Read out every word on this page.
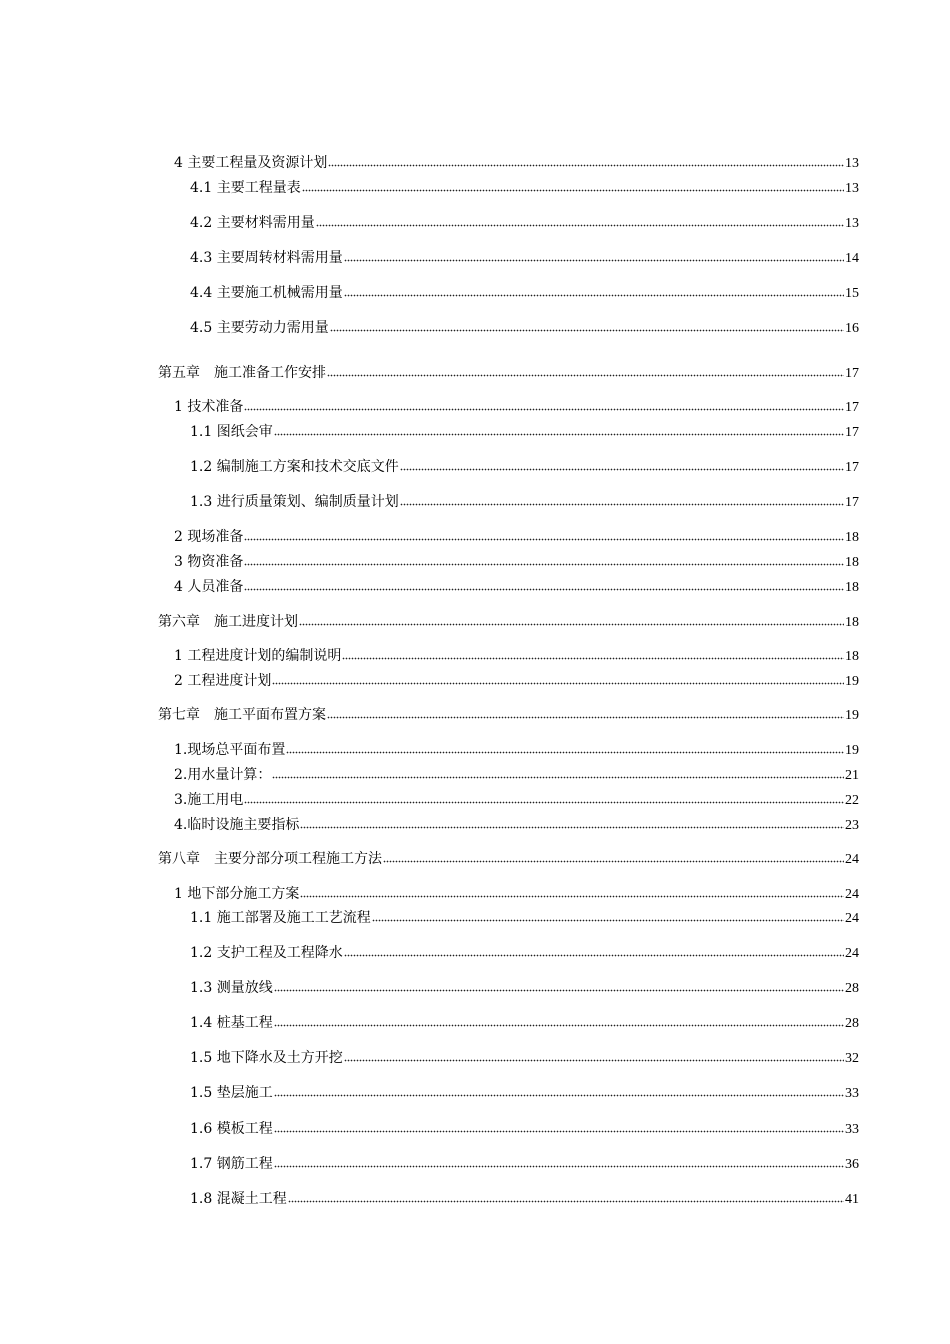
4 主要工程量及资源计划	13
4.1 主要工程量表	13
4.2 主要材料需用量	13
4.3 主要周转材料需用量	14
4.4 主要施工机械需用量	15
4.5 主要劳动力需用量	16
第五章　施工准备工作安排	17
1 技术准备	17
1.1 图纸会审	17
1.2 编制施工方案和技术交底文件	17
1.3 进行质量策划、编制质量计划	17
2 现场准备	18
3 物资准备	18
4 人员准备	18
第六章　施工进度计划	18
1 工程进度计划的编制说明	18
2 工程进度计划	19
第七章　施工平面布置方案	19
1.现场总平面布置	19
2.用水量计算：	21
3.施工用电	22
4.临时设施主要指标	23
第八章　主要分部分项工程施工方法	24
1 地下部分施工方案	24
1.1 施工部署及施工工艺流程	24
1.2 支护工程及工程降水	24
1.3 测量放线	28
1.4 桩基工程	28
1.5 地下降水及土方开挖	32
1.5 垫层施工	33
1.6 模板工程	33
1.7 钢筋工程	36
1.8 混凝土工程	41
